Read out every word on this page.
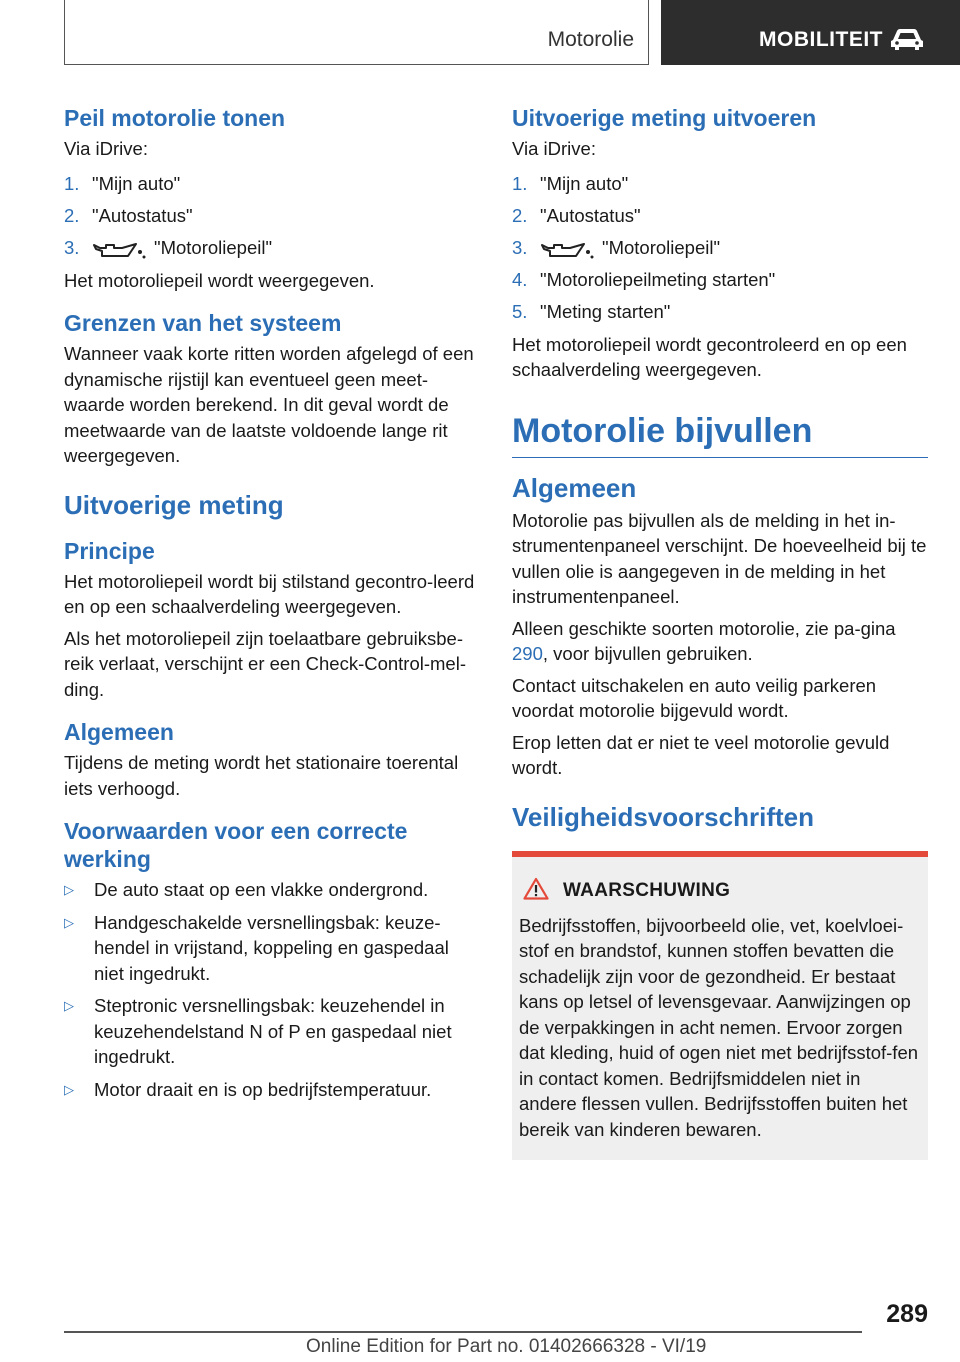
Motorolie	MOBILITEIT
Peil motorolie tonen

Via iDrive:

1. "Mijn auto"
2. "Autostatus"
3.	"Motoroliepeil"

Het motoroliepeil wordt weergegeven.

Grenzen van het systeem

Wanneer vaak korte ritten worden afgelegd of een dynamische rijstijl kan eventueel geen meet-waarde worden berekend. In dit geval wordt de meetwaarde van de laatste voldoende lange rit weergegeven.

Uitvoerige meting
Principe

Het motoroliepeil wordt bij stilstand gecontro-leerd en op een schaalverdeling weergegeven.

Als het motoroliepeil zijn toelaatbare gebruiksbe-reik verlaat, verschijnt er een Check-Control-mel-ding.

Algemeen

Tijdens de meting wordt het stationaire toerental iets verhoogd.

Voorwaarden voor een correcte werking
▷	De auto staat op een vlakke ondergrond.
▷	Handgeschakelde versnellingsbak: keuze-hendel in vrijstand, koppeling en gaspedaal niet ingedrukt.
▷	Steptronic versnellingsbak: keuzehendel in keuzehendelstand N of P en gaspedaal niet ingedrukt.
▷	Motor draait en is op bedrijfstemperatuur.
Uitvoerige meting uitvoeren

Via iDrive:

1. "Mijn auto"
2. "Autostatus"
3.	"Motoroliepeil"
4. "Motoroliepeilmeting starten"
5. "Meting starten"

Het motoroliepeil wordt gecontroleerd en op een schaalverdeling weergegeven.

Motorolie bijvullen
Algemeen

Motorolie pas bijvullen als de melding in het in-strumentenpaneel verschijnt. De hoeveelheid bij te vullen olie is aangegeven in de melding in het instrumentenpaneel.

Alleen geschikte soorten motorolie, zie pa-gina 290, voor bijvullen gebruiken.

Contact uitschakelen en auto veilig parkeren voordat motorolie bijgevuld wordt.

Erop letten dat er niet te veel motorolie gevuld wordt.

Veiligheidsvoorschriften
WAARSCHUWING

Bedrijfsstoffen, bijvoorbeeld olie, vet, koelvloei-stof en brandstof, kunnen stoffen bevatten die schadelijk zijn voor de gezondheid. Er bestaat kans op letsel of levensgevaar. Aanwijzingen op de verpakkingen in acht nemen. Ervoor zorgen dat kleding, huid of ogen niet met bedrijfsstof-fen in contact komen. Bedrijfsmiddelen niet in andere flessen vullen. Bedrijfsstoffen buiten het bereik van kinderen bewaren.

289
Online Edition for Part no. 01402666328 - VI/19
